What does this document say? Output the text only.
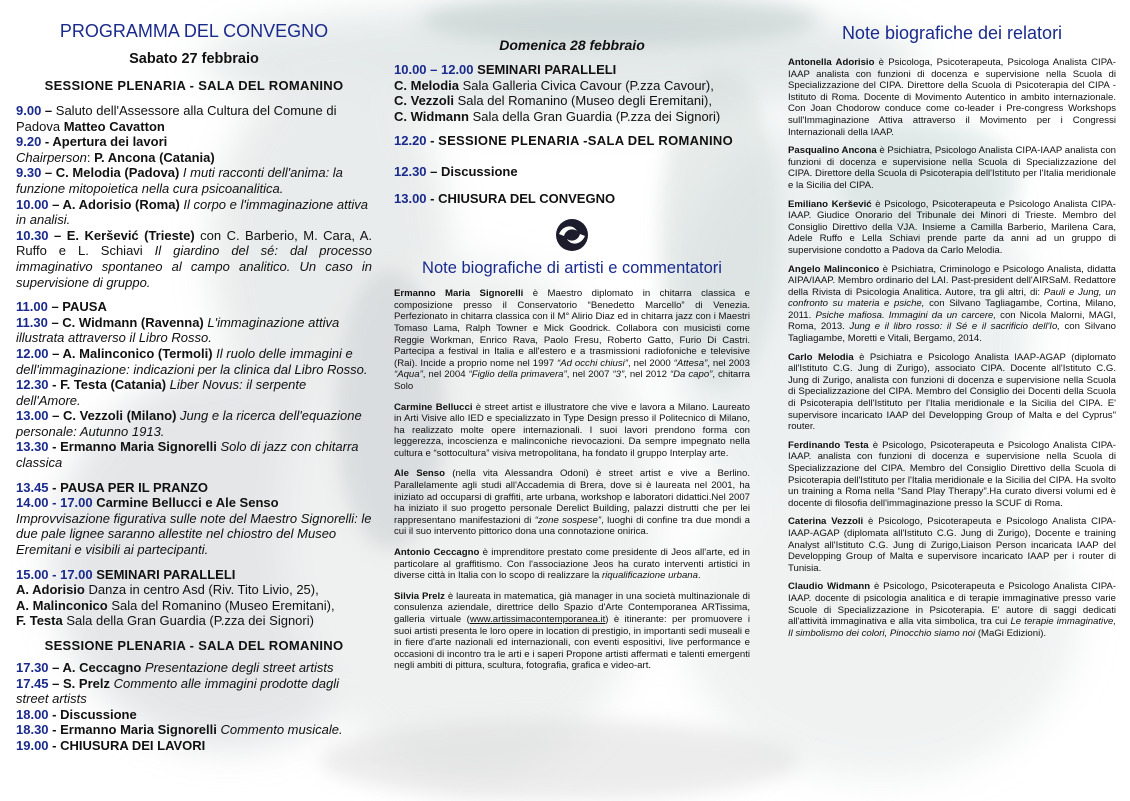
PROGRAMMA DEL CONVEGNO
Sabato 27 febbraio
SESSIONE PLENARIA - SALA DEL ROMANINO

9.00 – Saluto dell'Assessore alla Cultura del Comune di Padova Matteo Cavatton

9.20 - Apertura dei lavori

Chairperson: P. Ancona (Catania)

9.30 – C. Melodia (Padova) I muti racconti dell'anima: la funzione mitopoietica nella cura psicoanalitica.

10.00 – A. Adorisio (Roma) Il corpo e l'immaginazione attiva in analisi.

10.30 – E. Keršević (Trieste) con C. Barberio, M. Cara, A. Ruffo e L. Schiavi Il giardino del sé: dal processo immaginativo spontaneo al campo analitico. Un caso in supervisione di gruppo.

11.00 – PAUSA

11.30 – C. Widmann (Ravenna) L'immaginazione attiva illustrata attraverso il Libro Rosso.

12.00 – A. Malinconico (Termoli) Il ruolo delle immagini e dell'immaginazione: indicazioni per la clinica dal Libro Rosso.

12.30 - F. Testa (Catania) Liber Novus: il serpente dell'Amore.

13.00 – C. Vezzoli (Milano) Jung e la ricerca dell'equazione personale: Autunno 1913.

13.30 - Ermanno Maria Signorelli Solo di jazz con chitarra classica

13.45 - PAUSA PER IL PRANZO

14.00 - 17.00 Carmine Bellucci e Ale Senso

Improvvisazione figurativa sulle note del Maestro Signorelli: le due pale lignee saranno allestite nel chiostro del Museo Eremitani e visibili ai partecipanti.

15.00 - 17.00 SEMINARI PARALLELI

A. Adorisio Danza in centro Asd (Riv. Tito Livio, 25),

A. Malinconico Sala del Romanino (Museo Eremitani),

F. Testa Sala della Gran Guardia (P.zza dei Signori)

SESSIONE PLENARIA - SALA DEL ROMANINO

17.30 – A. Ceccagno Presentazione degli street artists

17.45 – S. Prelz Commento alle immagini prodotte dagli street artists

18.00 - Discussione

18.30 - Ermanno Maria Signorelli Commento musicale.

19.00 - CHIUSURA DEI LAVORI

Domenica 28 febbraio

10.00 – 12.00 SEMINARI PARALLELI

C. Melodia Sala Galleria Civica Cavour (P.zza Cavour),

C. Vezzoli Sala del Romanino (Museo degli Eremitani),

C. Widmann Sala della Gran Guardia (P.zza dei Signori)

12.20 - SESSIONE PLENARIA -SALA DEL ROMANINO

12.30 – Discussione

13.00 - CHIUSURA DEL CONVEGNO

Note biografiche di artisti e commentatori

Ermanno Maria Signorelli è Maestro diplomato in chitarra classica e composizione presso il Conservatorio “Benedetto Marcello” di Venezia. Perfezionato in chitarra classica con il M° Alirio Diaz ed in chitarra jazz con i Maestri Tomaso Lama, Ralph Towner e Mick Goodrick. Collabora con musicisti come Reggie Workman, Enrico Rava, Paolo Fresu, Roberto Gatto, Furio Di Castri. Partecipa a festival in Italia e all'estero e a trasmissioni radiofoniche e televisive (Rai). Incide a proprio nome nel 1997 “Ad occhi chiusi”, nel 2000 “Attesa”, nel 2003 “Aqua”, nel 2004 “Figlio della primavera”, nel 2007 “3”, nel 2012 “Da capo”, chitarra Solo

Carmine Bellucci è street artist e illustratore che vive e lavora a Milano. Laureato in Arti Visive allo IED e specializzato in Type Design presso il Politecnico di Milano, ha realizzato molte opere internazionali. I suoi lavori prendono forma con leggerezza, incoscienza e malinconiche rievocazioni. Da sempre impegnato nella cultura e “sottocultura” visiva metropolitana, ha fondato il gruppo Interplay arte.

Ale Senso (nella vita Alessandra Odoni) è street artist e vive a Berlino. Parallelamente agli studi all'Accademia di Brera, dove si è laureata nel 2001, ha iniziato ad occuparsi di graffiti, arte urbana, workshop e laboratori didattici.Nel 2007 ha iniziato il suo progetto personale Derelict Building, palazzi distrutti che per lei rappresentano manifestazioni di “zone sospese”, luoghi di confine tra due mondi a cui il suo intervento pittorico dona una connotazione onirica.

Antonio Ceccagno è imprenditore prestato come presidente di Jeos all'arte, ed in particolare al graffitismo. Con l'associazione Jeos ha curato interventi artistici in diverse città in Italia con lo scopo di realizzare la riqualificazione urbana.

Silvia Prelz è laureata in matematica, già manager in una società multinazionale di consulenza aziendale, direttrice dello Spazio d'Arte Contemporanea ARTissima, galleria virtuale (www.artissimacontemporanea.it) è itinerante: per promuovere i suoi artisti presenta le loro opere in location di prestigio, in importanti sedi museali e in fiere d'arte nazionali ed internazionali, con eventi espositivi, live performance e occasioni di incontro tra le arti e i saperi Propone artisti affermati e talenti emergenti negli ambiti di pittura, scultura, fotografia, grafica e video-art.

Note biografiche dei relatori

Antonella Adorisio è Psicologa, Psicoterapeuta, Psicologa Analista CIPA-IAAP analista con funzioni di docenza e supervisione nella Scuola di Specializzazione del CIPA. Direttore della Scuola di Psicoterapia del CIPA - Istituto di Roma. Docente di Movimento Autentico in ambito internazionale. Con Joan Chodorow conduce come co-leader i Pre-congress Workshops sull'Immaginazione Attiva attraverso il Movimento per i Congressi Internazionali della IAAP.

Pasqualino Ancona è Psichiatra, Psicologo Analista CIPA-IAAP analista con funzioni di docenza e supervisione nella Scuola di Specializzazione del CIPA. Direttore della Scuola di Psicoterapia dell'Istituto per l'Italia meridionale e la Sicilia del CIPA.

Emiliano Keršević è Psicologo, Psicoterapeuta e Psicologo Analista CIPA-IAAP. Giudice Onorario del Tribunale dei Minori di Trieste. Membro del Consiglio Direttivo della VJA. Insieme a Camilla Barberio, Marilena Cara, Adele Ruffo e Lella Schiavi prende parte da anni ad un gruppo di supervisione condotto a Padova da Carlo Melodia.

Angelo Malinconico è Psichiatra, Criminologo e Psicologo Analista, didatta AIPA/IAAP. Membro ordinario del LAI. Past-president dell'AIRSaM. Redattore della Rivista di Psicologia Analitica. Autore, tra gli altri, di: Pauli e Jung, un confronto su materia e psiche, con Silvano Tagliagambe, Cortina, Milano, 2011. Psiche mafiosa. Immagini da un carcere, con Nicola Malorni, MAGI, Roma, 2013. Jung e il libro rosso: il Sé e il sacrificio dell'Io, con Silvano Tagliagambe, Moretti e Vitali, Bergamo, 2014.

Carlo Melodia è Psichiatra e Psicologo Analista IAAP-AGAP (diplomato all'Istituto C.G. Jung di Zurigo), associato CIPA. Docente all'Istituto C.G. Jung di Zurigo, analista con funzioni di docenza e supervisione nella Scuola di Specializzazione del CIPA. Membro del Consiglio dei Docenti della Scuola di Psicoterapia dell'Istituto per l'Italia meridionale e la Sicilia del CIPA. E' supervisore incaricato IAAP del Developping Group of Malta e del Cyprus" router.

Ferdinando Testa è Psicologo, Psicoterapeuta e Psicologo Analista CIPA-IAAP. analista con funzioni di docenza e supervisione nella Scuola di Specializzazione del CIPA. Membro del Consiglio Direttivo della Scuola di Psicoterapia dell'Istituto per l'Italia meridionale e la Sicilia del CIPA. Ha svolto un training a Roma nella “Sand Play Therapy”.Ha curato diversi volumi ed è docente di filosofia dell'immaginazione presso la SCUF di Roma.

Caterina Vezzoli è Psicologo, Psicoterapeuta e Psicologo Analista CIPA-IAAP-AGAP (diplomata all'Istituto C.G. Jung di Zurigo), Docente e training Analyst all'Istituto C.G. Jung di Zurigo,Liaison Person incaricata IAAP del Developping Group of Malta e supervisore incaricato IAAP per i router di Tunisia.

Claudio Widmann è Psicologo, Psicoterapeuta e Psicologo Analista CIPA-IAAP. docente di psicologia analitica e di terapie immaginative presso varie Scuole di Specializzazione in Psicoterapia. E' autore di saggi dedicati all'attività immaginativa e alla vita simbolica, tra cui Le terapie immaginative, Il simbolismo dei colori, Pinocchio siamo noi (MaGi Edizioni).
